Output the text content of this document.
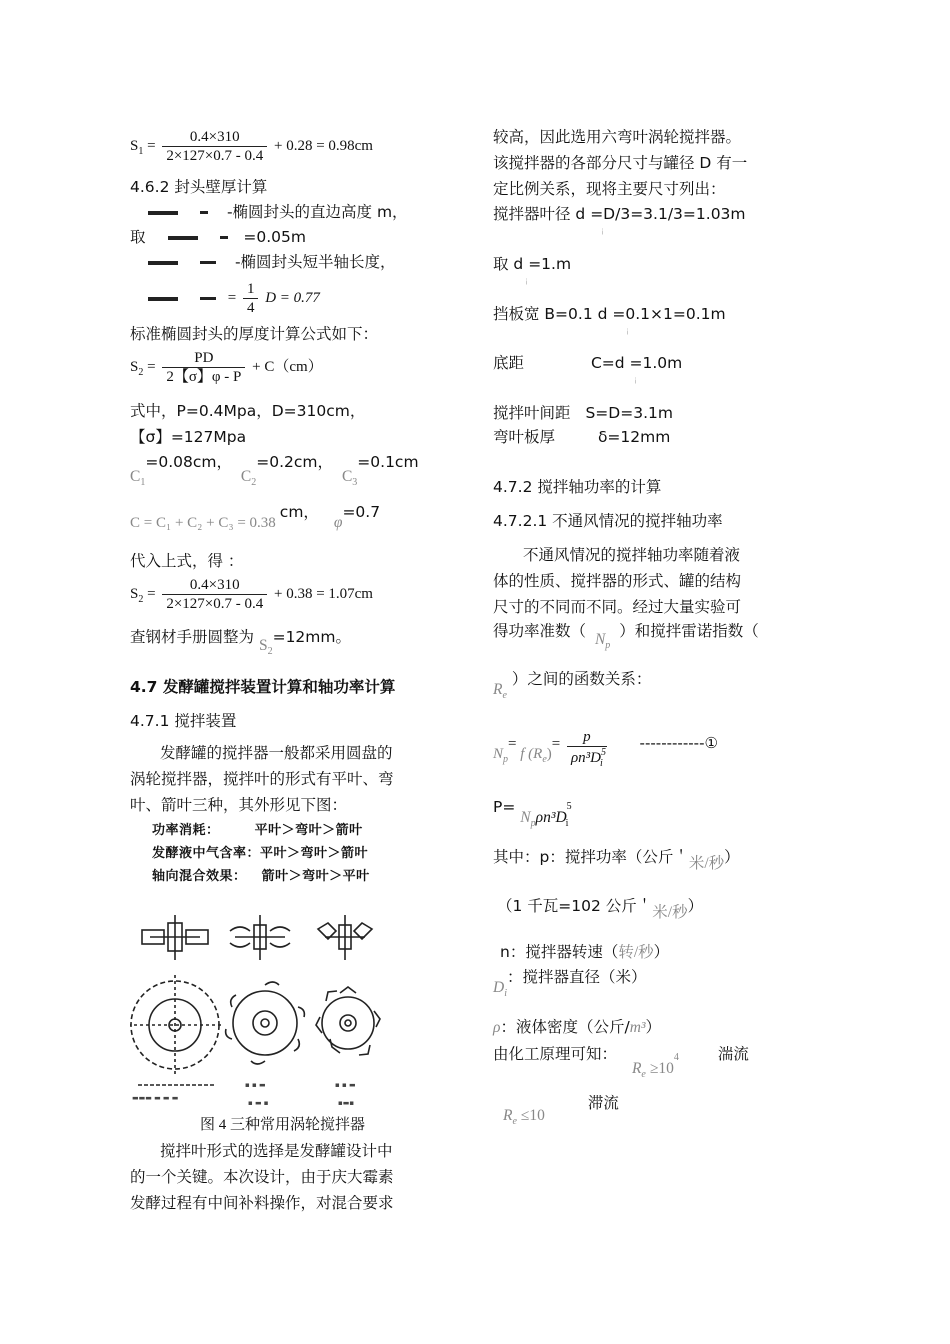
$S_1 = \frac{0.4\times 310}{2\times 127\times 0.7 - 0.4} + 0.28 = 0.98cm$
4.6.2 封头壁厚计算
-椭圆封头的直边高度 m，
取	=0.05m
-椭圆封头短半轴长度，
= $\frac{1}{4}$ D = 0.77
标准椭圆封头的厚度计算公式如下：
$S_2 = \frac{PD}{2【\sigma】\varphi - P} + C(cm)$
式中，P=0.4Mpa，D=310cm，
【σ】=127Mpa
$C_1=0.08cm$， $C_2=0.2cm$， $C_3=0.1cm$
C = C₁ + C₂ + C₃ = 0.38cm， φ=0.7
代入上式，得 ：
$S_2 = \frac{0.4\times 310}{2\times 127\times 0.7 - 0.4} + 0.38 = 1.07cm$
查钢材手册圆整为 $S_2=12mm$。
4.7 发酵罐搅拌装置计算和轴功率计算
4.7.1 搅拌装置
发酵罐的搅拌器一般都采用圆盘的
涡轮搅拌器，搅拌叶的形式有平叶、弯
叶、箭叶三种，其外形见下图：
功率消耗：       平叶＞弯叶＞箭叶
发酵液中气含率：平叶＞弯叶＞箭叶
轴向混合效果：   箭叶＞弯叶＞平叶
▬▬▬ ▬ ▬ ▬
▪ ▪ ▬
▪ ▬ ▪
▪ ▪ ▬
▪▬▪
图 4 三种常用涡轮搅拌器
搅拌叶形式的选择是发酵罐设计中
的一个关键。本次设计，由于庆大霉素
发酵过程有中间补料操作，对混合要求
较高，因此选用六弯叶涡轮搅拌器。
该搅拌器的各部分尺寸与罐径 D 有一
定比例关系，现将主要尺寸列出：
搅拌器叶径 d =D/3=3.1/3=1.03m
¡
取 d =1.m
¡
挡板宽 B=0.1 d =0.1×1=0.1m
¡
底距	C=d =1.0m
¡
搅拌叶间距 S=D=3.1m
弯叶板厚	δ=12mm
4.7.2 搅拌轴功率的计算
4.7.2.1 不通风情况的搅拌轴功率
不通风情况的搅拌轴功率随着液
体的性质、搅拌器的形式、罐的结构
尺寸的不同而不同。经过大量实验可
得功率准数（ $N_p$ ）和搅拌雷诺指数（
$R_e$ ）之间的函数关系：
$N_p= f$ $(R_e)= \frac{p}{\rho n^3D^5_i}$ ------------①
$P= N_p\rho n^3D^5_i$
其中：p：搅拌功率（公斤＇米/秒）
（1 千瓦=102 公斤＇米/秒）
n：搅拌器转速（转/秒）
$D_i$：搅拌器直径（米）
ρ：液体密度（公斤/m³）
由化工原理可知： $R_e \ge 10^4$	湍流
$R_e \le 10$ 滞流
